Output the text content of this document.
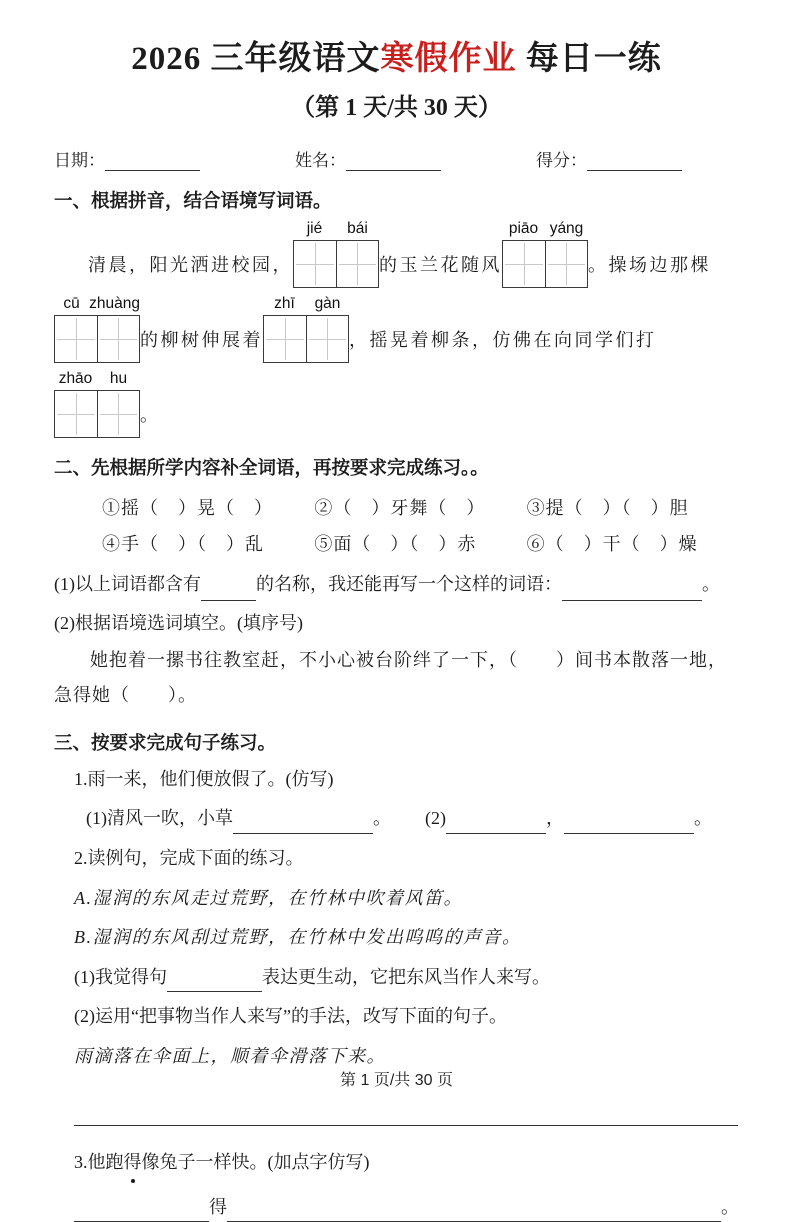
2026 三年级语文寒假作业 每日一练
（第 1 天/共 30 天）
日期：	姓名：	得分：
一、根据拼音，结合语境写词语。
清晨，阳光洒进校园，
jié	bái
的玉兰花随风
piāo yáng
。操场边那棵
cū zhuàng
的柳树伸展着
zhī	gàn
，摇晃着柳条，仿佛在向同学们打
zhāo	hu
。
二、先根据所学内容补全词语，再按要求完成练习。。
①摇（　）晃（　）	②（　）牙舞（　）	③提（　）（　）胆
④手（　）（　）乱	⑤面（　）（　）赤	⑥（　）干（　）燥
(1)以上词语都含有	的名称，我还能再写一个这样的词语：	。
(2)根据语境选词填空。(填序号)
她抱着一摞书往教室赶，不小心被台阶绊了一下，（　　）间书本散落一地，急得她（　　）。
三、按要求完成句子练习。
1.雨一来，他们便放假了。(仿写)
(1)清风一吹，小草	。 (2)	，	。
2.读例句，完成下面的练习。
A.湿润的东风走过荒野，在竹林中吹着风笛。
B.湿润的东风刮过荒野，在竹林中发出呜呜的声音。
(1)我觉得句	表达更生动，它把东风当作人来写。
(2)运用“把事物当作人来写”的手法，改写下面的句子。
雨滴落在伞面上，顺着伞滑落下来。
3.他跑得像兔子一样快。(加点字仿写)
得	。
第 1 页/共 30 页
